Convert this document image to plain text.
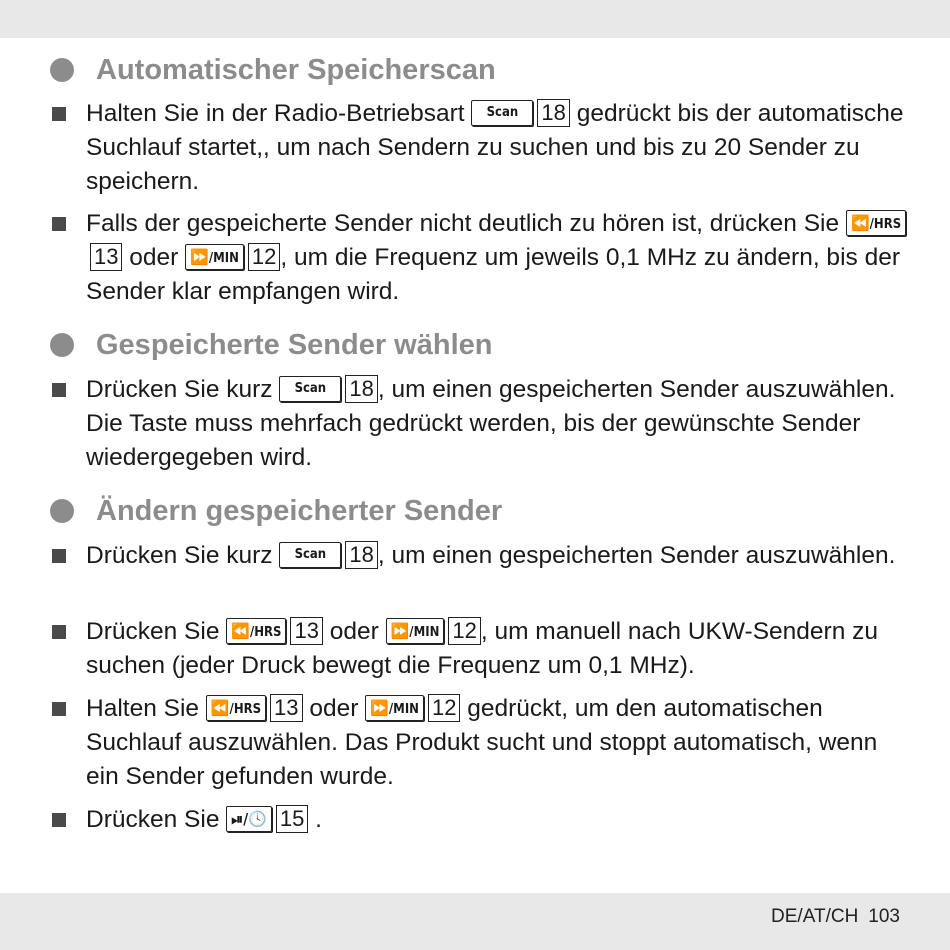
Automatischer Speicherscan
Halten Sie in der Radio-Betriebsart Scan 18 gedrückt bis der automatische Suchlauf startet,, um nach Sendern zu suchen und bis zu 20 Sender zu speichern.
Falls der gespeicherte Sender nicht deutlich zu hören ist, drücken Sie ⏪/HRS13 oder ⏩/MIN 12 , um die Frequenz um jeweils 0,1 MHz zu ändern, bis der Sender klar empfangen wird.
Gespeicherte Sender wählen
Drücken Sie kurz Scan 18 , um einen gespeicherten Sender auszuwählen. Die Taste muss mehrfach gedrückt werden, bis der gewünschte Sender wiedergegeben wird.
Ändern gespeicherter Sender
Drücken Sie kurz Scan 18 , um einen gespeicherten Sender auszuwählen.
Drücken Sie ⏪/HRS 13 oder ⏩/MIN 12 , um manuell nach UKW-Sendern zu suchen (jeder Druck bewegt die Frequenz um 0,1 MHz).
Halten Sie ⏪/HRS 13 oder ⏩/MIN 12 gedrückt, um den automatischen Suchlauf auszuwählen. Das Produkt sucht und stoppt automatisch, wenn ein Sender gefunden wurde.
Drücken Sie ⏯/🕓 15 .
DE/AT/CH 103
